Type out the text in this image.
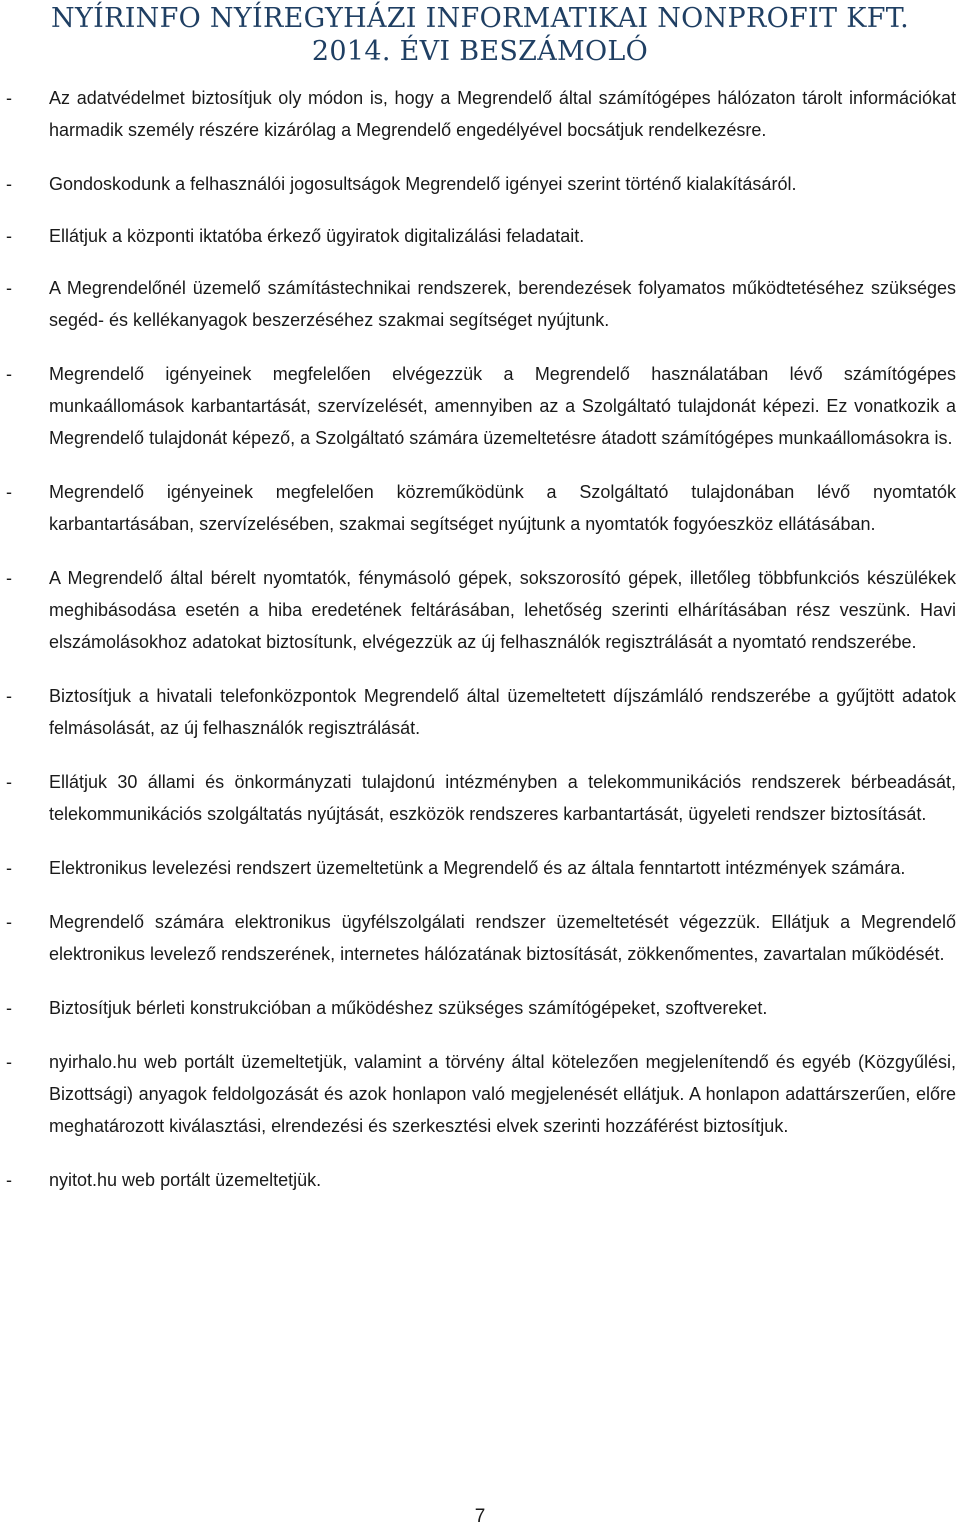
NYÍRINFO NYÍREGYHÁZI INFORMATIKAI NONPROFIT KFT.
2014. ÉVI BESZÁMOLÓ
- Az adatvédelmet biztosítjuk oly módon is, hogy a Megrendelő által számítógépes hálózaton tárolt információkat harmadik személy részére kizárólag a Megrendelő engedélyével bocsátjuk rendelkezésre.
- Gondoskodunk a felhasználói jogosultságok Megrendelő igényei szerint történő kialakításáról.
- Ellátjuk a központi iktatóba érkező ügyiratok digitalizálási feladatait.
- A Megrendelőnél üzemelő számítástechnikai rendszerek, berendezések folyamatos működtetéséhez szükséges segéd- és kellékanyagok beszerzéséhez szakmai segítséget nyújtunk.
- Megrendelő igényeinek megfelelően elvégezzük a Megrendelő használatában lévő számítógépes munkaállomások karbantartását, szervízelését, amennyiben az a Szolgáltató tulajdonát képezi. Ez vonatkozik a Megrendelő tulajdonát képező, a Szolgáltató számára üzemeltetésre átadott számítógépes munkaállomásokra is.
- Megrendelő igényeinek megfelelően közreműködünk a Szolgáltató tulajdonában lévő nyomtatók karbantartásában, szervízelésében, szakmai segítséget nyújtunk a nyomtatók fogyóeszköz ellátásában.
- A Megrendelő által bérelt nyomtatók, fénymásoló gépek, sokszorosító gépek, illetőleg többfunkciós készülékek meghibásodása esetén a hiba eredetének feltárásában, lehetőség szerinti elhárításában rész veszünk. Havi elszámolásokhoz adatokat biztosítunk, elvégezzük az új felhasználók regisztrálását a nyomtató rendszerébe.
- Biztosítjuk a hivatali telefonközpontok Megrendelő által üzemeltetett díjszámláló rendszerébe a gyűjtött adatok felmásolását, az új felhasználók regisztrálását.
- Ellátjuk 30 állami és önkormányzati tulajdonú intézményben a telekommunikációs rendszerek bérbeadását, telekommunikációs szolgáltatás nyújtását, eszközök rendszeres karbantartását, ügyeleti rendszer biztosítását.
- Elektronikus levelezési rendszert üzemeltetünk a Megrendelő és az általa fenntartott intézmények számára.
- Megrendelő számára elektronikus ügyfélszolgálati rendszer üzemeltetését végezzük. Ellátjuk a Megrendelő elektronikus levelező rendszerének, internetes hálózatának biztosítását, zökkenőmentes, zavartalan működését.
- Biztosítjuk bérleti konstrukcióban a működéshez szükséges számítógépeket, szoftvereket.
- nyirhalo.hu web portált üzemeltetjük, valamint a törvény által kötelezően megjelenítendő és egyéb (Közgyűlési, Bizottsági) anyagok feldolgozását és azok honlapon való megjelenését ellátjuk. A honlapon adattárszerűen, előre meghatározott kiválasztási, elrendezési és szerkesztési elvek szerinti hozzáférést biztosítjuk.
- nyitot.hu web portált üzemeltetjük.
7
